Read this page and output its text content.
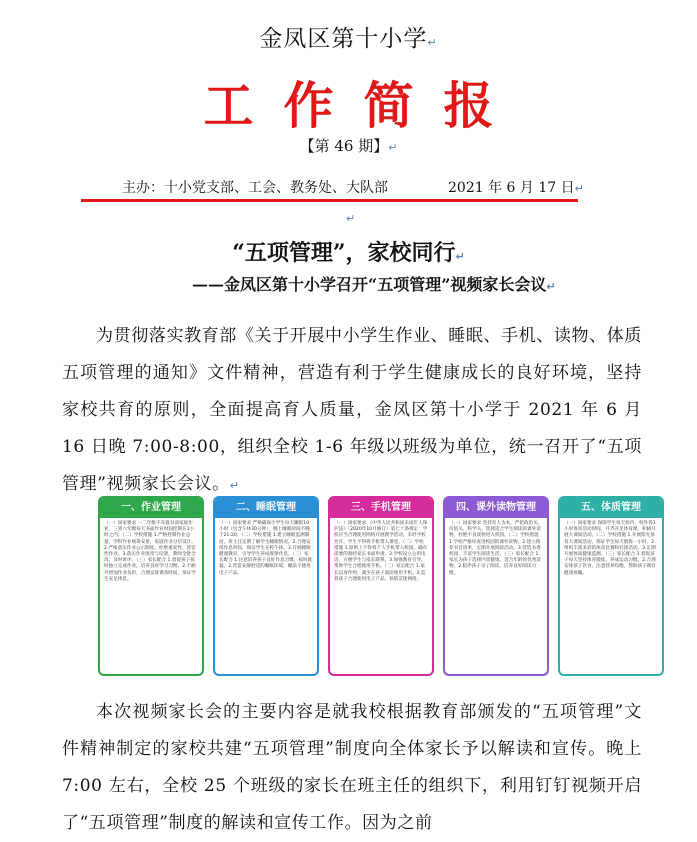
金凤区第十小学↵
工作简报
【第 46 期】↵
主办：十小党支部、工会、教务处、大队部	2021 年 6 月 17 日↵
↵
“五项管理”，家校同行↵
——金凤区第十小学召开“五项管理”视频家长会议↵
为贯彻落实教育部《关于开展中小学生作业、睡眠、手机、读物、体质五项管理的通知》文件精神，营造有利于学生健康成长的良好环境，坚持家校共育的原则，全面提高育人质量，金凤区第十小学于 2021 年 6 月 16 日晚 7:00-8:00，组织全校 1-6 年级以班级为单位，统一召开了“五项管理”视频家长会议。↵
一、作业管理
（一）国家要求 一二年级不布置书面家庭作业，三到六年级每天书面作业时间控制在1小时之内。（二）学校措施 1.严格控制作业总量，学科作业统筹安排，家庭作业分层设计。2.严格落实作业公示制度，杜绝重复性、惩罚性作业。3.落实作业批改与反馈，教师全批全改，及时讲评。（三）家长配合 1.督促孩子按时独立完成作业，培养良好学习习惯。2.不额外增加作业负担，合理安排课余时间，保证学生充足休息。
二、睡眠管理
（一）国家要求 严格确保小学生每天睡眠10小时（包含午休30分钟），晚上睡眠时间不晚于21:20。（二）学校措施 1.建立睡眠监测制度，班主任定期了解学生睡眠情况。2.合理安排作息时间，保证学生在校午休。3.开展睡眠健康教育，引导学生养成规律作息。（三）家长配合 1.注意培养孩子良好作息习惯，按时就寝。2.营造安静舒适的睡眠环境，睡前不使用电子产品。
三、手机管理
（一）国家要求 《中华人民共和国未成年人保护法》（2020年10月修订）第七十条规定：学校应当合理使用网络开展教学活动，未经学校允许，学生不得将手机带入课堂。（二）学校措施 1.原则上不得将个人手机带入校园，确有需要的须经家长书面申请。2.学校设立公用电话，方便学生与家长联系。3.加强教育引导，帮助学生合理使用手机。（三）家长配合 1.家长以身作则，减少在孩子面前使用手机。2.监督孩子合理使用电子产品，预防沉迷网络。
四、课外读物管理
（一）国家要求 坚持育人为本，严把政治关、价值关、科学关，选择适合学生阅读的课外读物，杜绝不良读物进入校园。（二）学校措施 1.学校严格审查进校园的课外读物。2.建立推荐书目清单，定期开展阅读活动。3.营造书香校园，丰富学生阅读生活。（三）家长配合 1.家长为孩子选择内容健康、适合年龄的优秀读物。2.陪伴孩子亲子阅读，培养良好阅读习惯。
五、体质管理
（一）国家要求 保障学生每天校内、校外各1小时体育活动时间，开齐开足体育课，积极开展大课间活动。（二）学校措施 1.开展阳光体育大课间活动，保证学生每天锻炼一小时。2.组织丰富多彩的体育比赛和社团活动。3.定期开展体质健康监测。（三）家长配合 1.督促孩子每天坚持体育锻炼，养成运动习惯。2.合理安排孩子饮食，注意营养均衡，帮助孩子拥有健康体魄。
本次视频家长会的主要内容是就我校根据教育部颁发的“五项管理”文件精神制定的家校共建“五项管理”制度向全体家长予以解读和宣传。晚上 7:00 左右，全校 25 个班级的家长在班主任的组织下，利用钉钉视频开启了“五项管理”制度的解读和宣传工作。因为之前
